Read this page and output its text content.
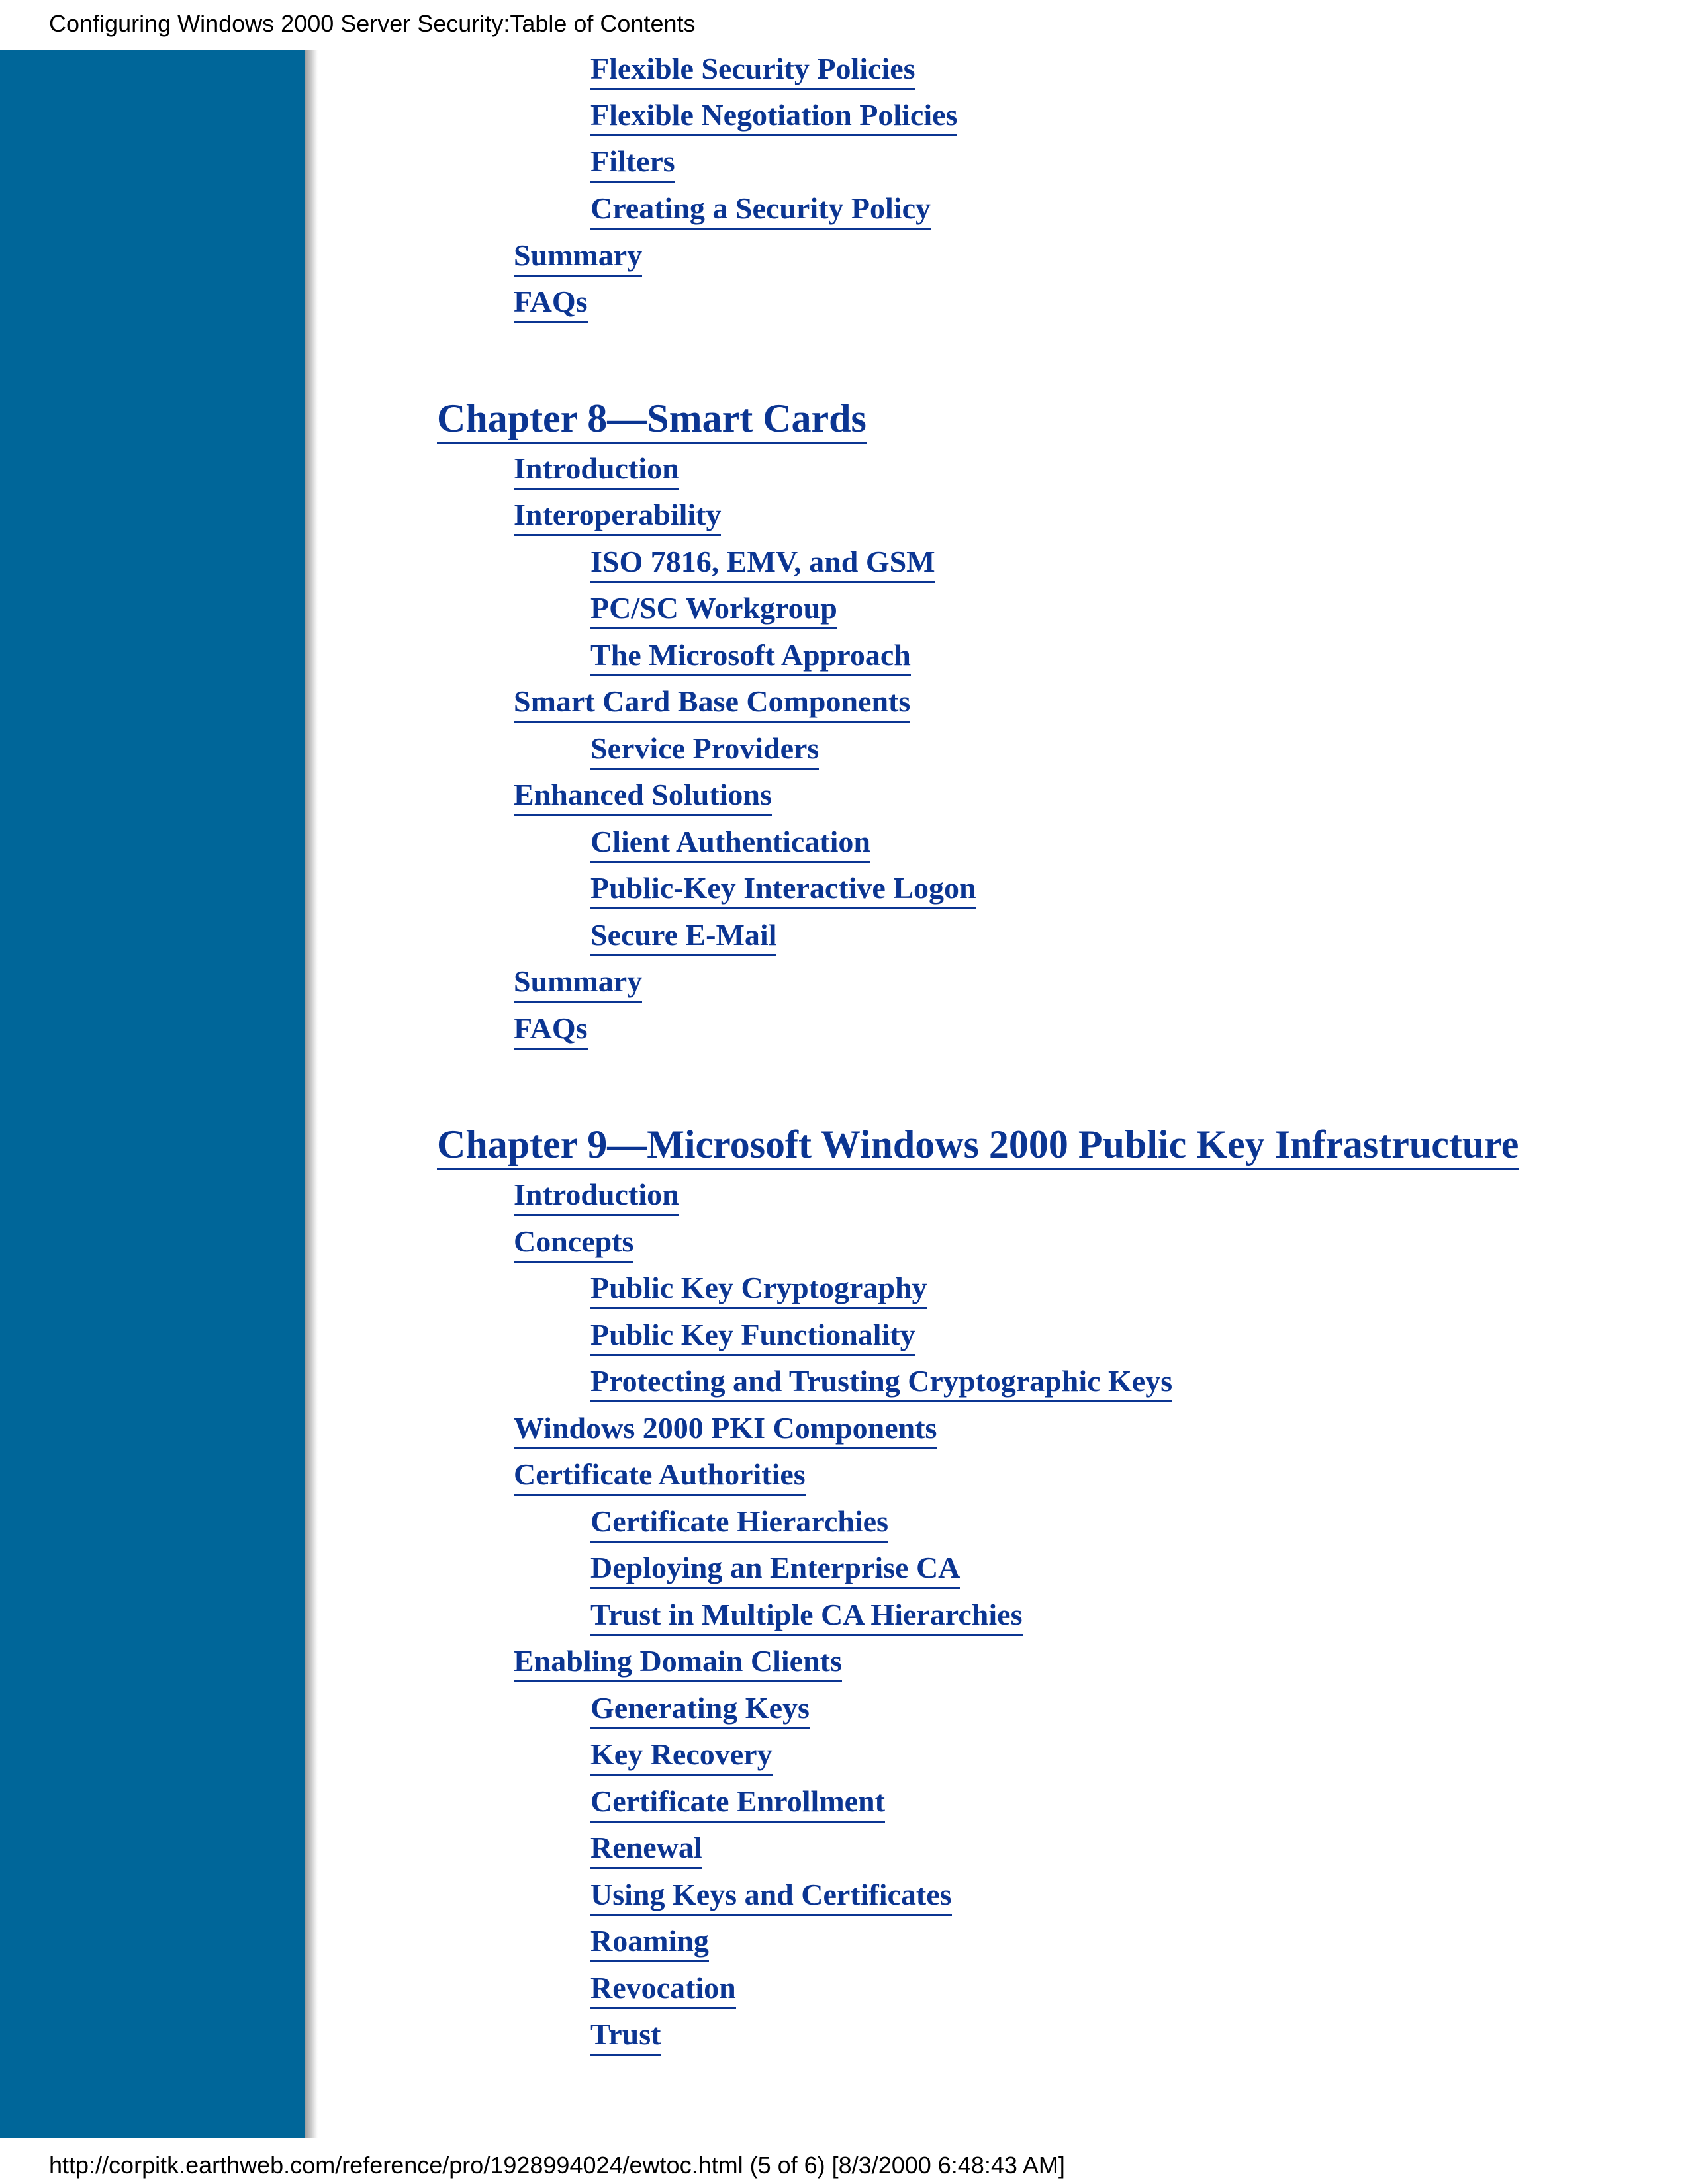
Configuring Windows 2000 Server Security:Table of Contents
Flexible Security Policies
Flexible Negotiation Policies
Filters
Creating a Security Policy
Summary
FAQs
Chapter 8—Smart Cards
Introduction
Interoperability
ISO 7816, EMV, and GSM
PC/SC Workgroup
The Microsoft Approach
Smart Card Base Components
Service Providers
Enhanced Solutions
Client Authentication
Public-Key Interactive Logon
Secure E-Mail
Summary
FAQs
Chapter 9—Microsoft Windows 2000 Public Key Infrastructure
Introduction
Concepts
Public Key Cryptography
Public Key Functionality
Protecting and Trusting Cryptographic Keys
Windows 2000 PKI Components
Certificate Authorities
Certificate Hierarchies
Deploying an Enterprise CA
Trust in Multiple CA Hierarchies
Enabling Domain Clients
Generating Keys
Key Recovery
Certificate Enrollment
Renewal
Using Keys and Certificates
Roaming
Revocation
Trust
http://corpitk.earthweb.com/reference/pro/1928994024/ewtoc.html (5 of 6) [8/3/2000 6:48:43 AM]
